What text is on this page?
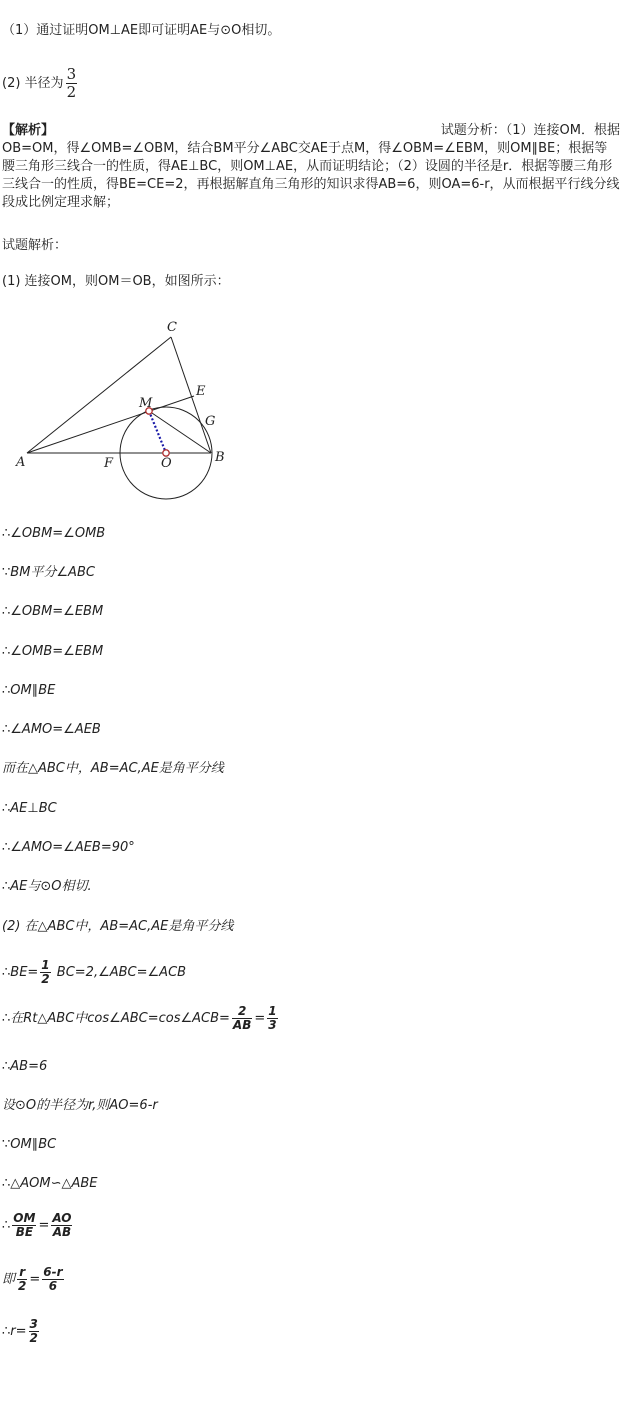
（1）通过证明OM⊥AE即可证明AE与⊙O相切。
(2) 半径为 $\frac{3}{2}$
【解析】	试题分析：（1）连接OM．根据
OB=OM，得∠OMB=∠OBM，结合BM平分∠ABC交AE于点M，得∠OBM=∠EBM，则OM∥BE；根据等腰三角形三线合一的性质，得AE⊥BC，则OM⊥AE，从而证明结论；（2）设圆的半径是r．根据等腰三角形三线合一的性质，得BE=CE=2，再根据解直角三角形的知识求得AB=6，则OA=6-r，从而根据平行线分线段成比例定理求解；
试题解析：
(1) 连接OM，则OM＝OB，如图所示：
C
E
M
G
A	F	O	B
∴∠OBM=∠OMB
∵BM平分∠ABC
∴∠OBM=∠EBM
∴∠OMB=∠EBM
∴OM∥BE
∴∠AMO=∠AEB
而在△ABC中，AB=AC,AE是角平分线
∴AE⊥BC
∴∠AMO=∠AEB=90°
∴AE与⊙O相切.
(2) 在△ABC中，AB=AC,AE是角平分线
∴BE= $\frac{1}{2}$ BC=2,∠ABC=∠ACB
∴在Rt△ABC中cos∠ABC=cos∠ACB= $\frac{2}{AB} = \frac{1}{3}$
∴AB=6
设⊙O的半径为r,则AO=6-r
∵OM∥BC
∴△AOM∽△ABE
∴ $\frac{OM}{BE} = \frac{AO}{AB}$
即 $\frac{r}{2} = \frac{6-r}{6}$
∴r= $\frac{3}{2}$
